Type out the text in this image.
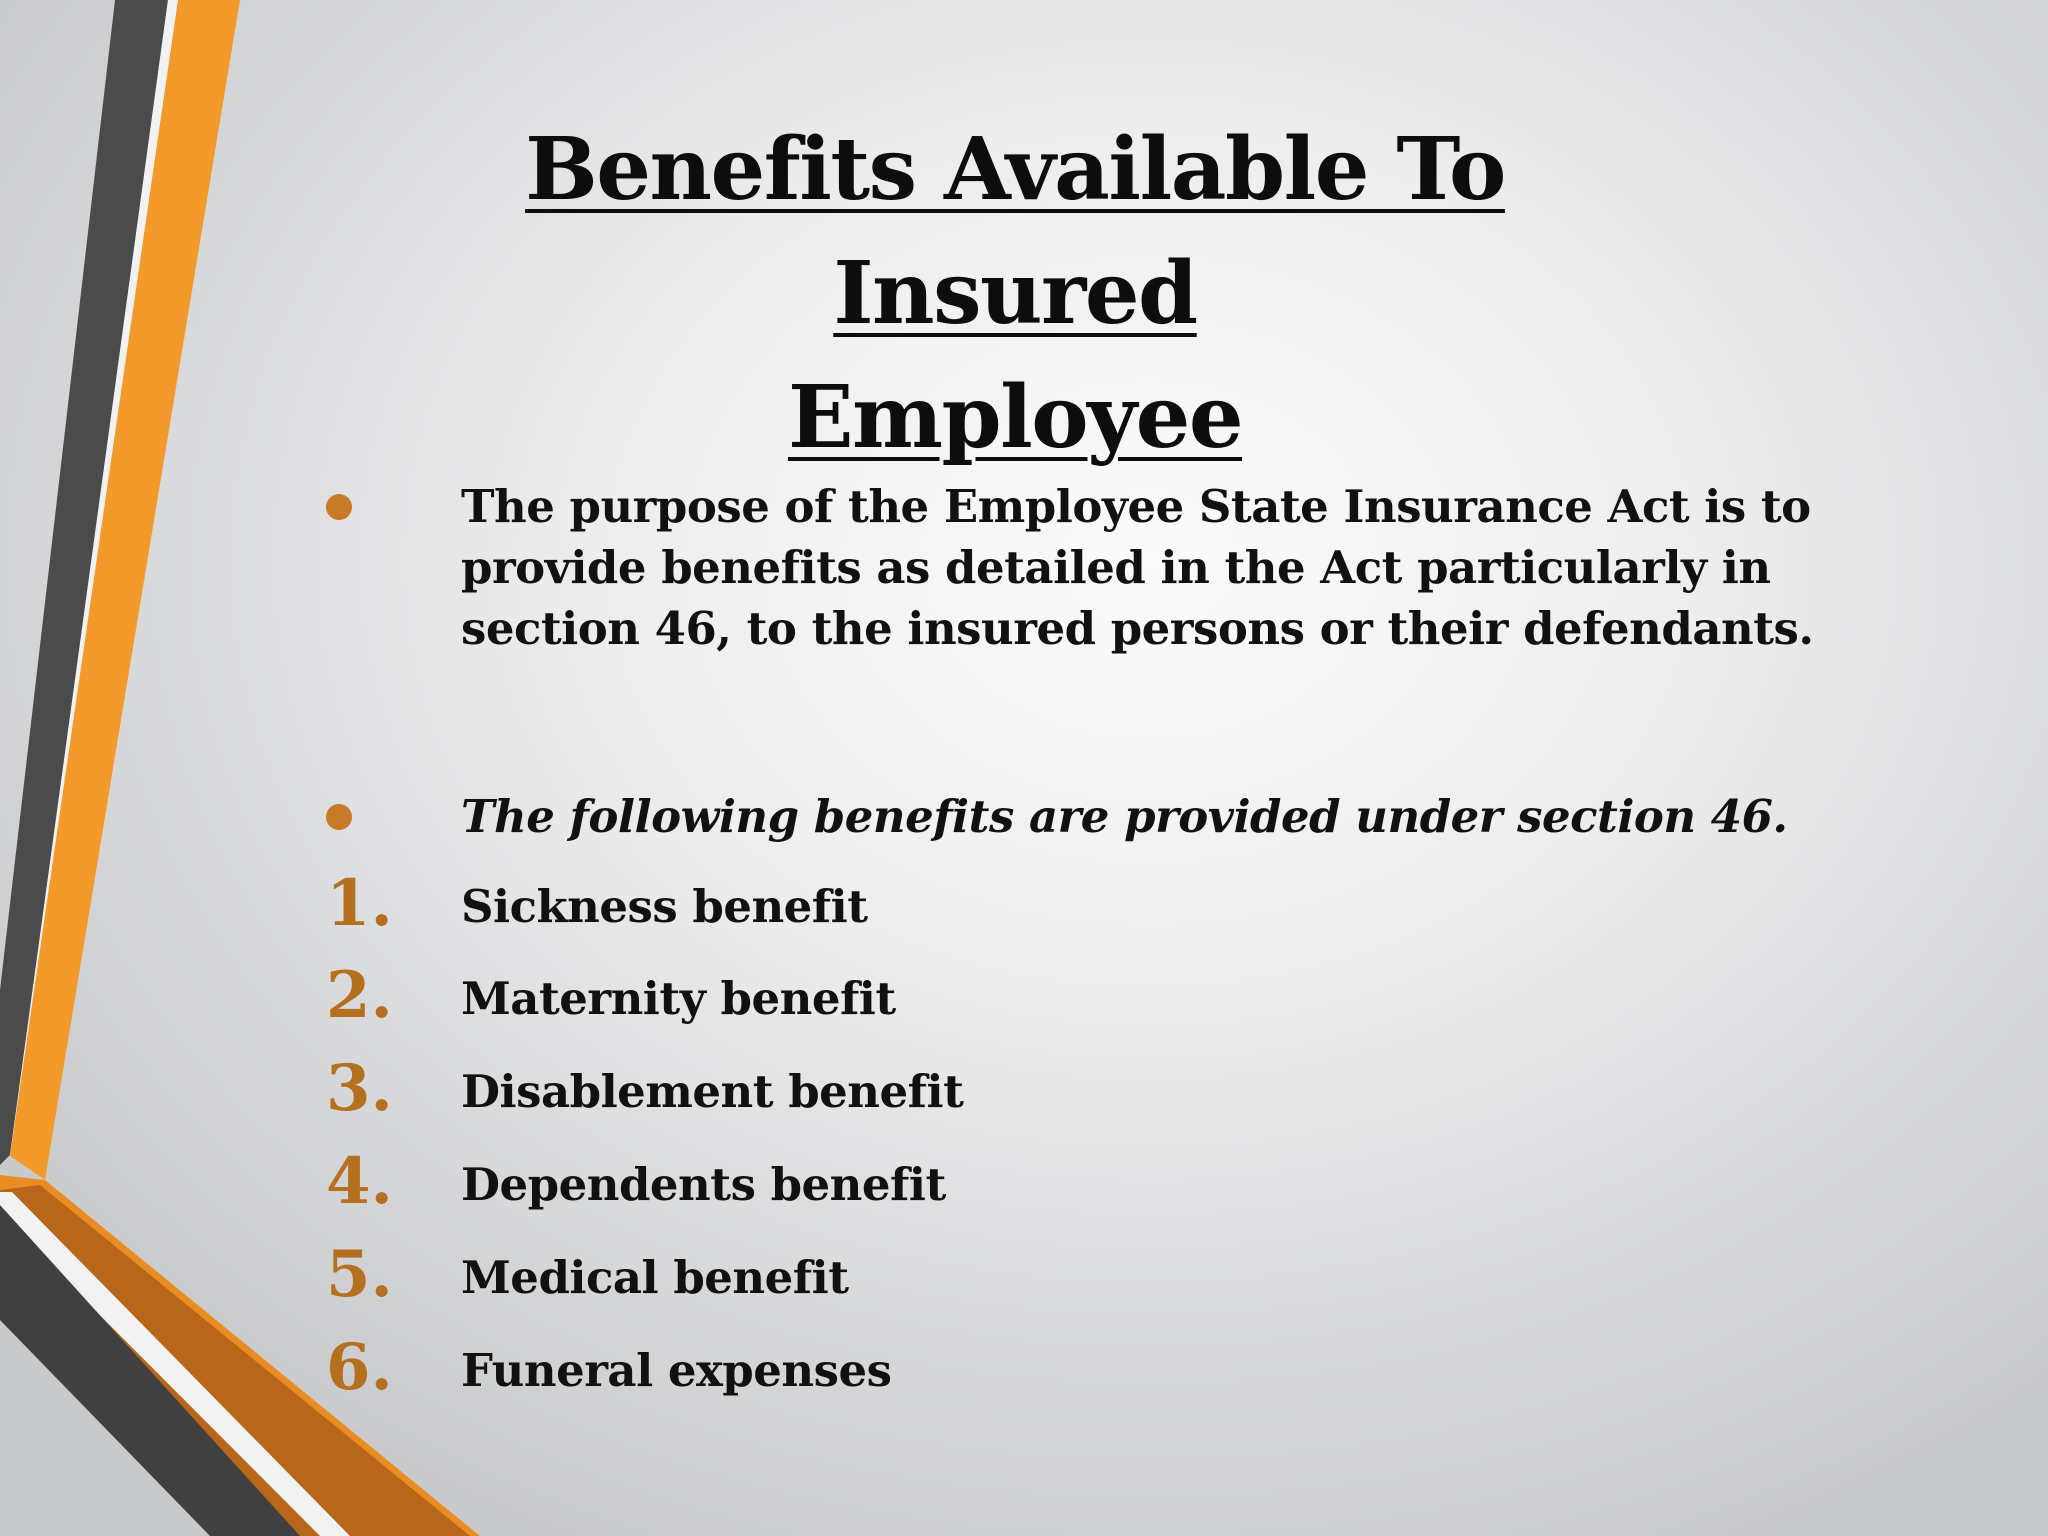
Benefits Available To Insured
Employee
The purpose of the Employee State Insurance Act is to provide benefits as detailed in the Act particularly in section 46, to the insured persons or their defendants.
The following benefits are provided under section 46.
1. Sickness benefit
2. Maternity benefit
3. Disablement benefit
4. Dependents benefit
5. Medical benefit
6. Funeral expenses
